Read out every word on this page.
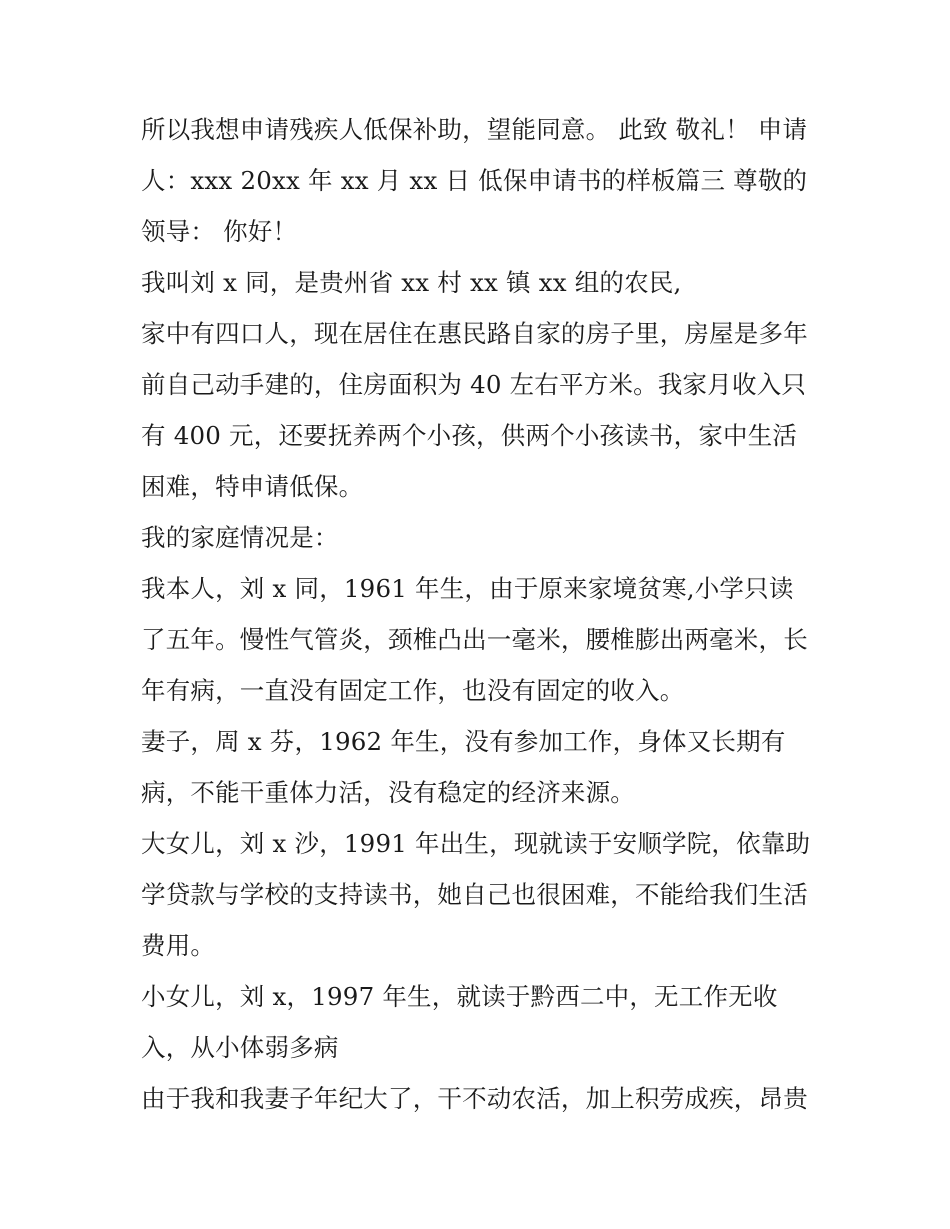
所以我想申请残疾人低保补助，望能同意。 此致 敬礼！ 申请人：xxx 20xx 年 xx 月 xx 日 低保申请书的样板篇三 尊敬的领导： 你好！

我叫刘 x 同，是贵州省 xx 村 xx 镇 xx 组的农民,

家中有四口人，现在居住在惠民路自家的房子里，房屋是多年前自己动手建的，住房面积为 40 左右平方米。我家月收入只有 400 元，还要抚养两个小孩，供两个小孩读书，家中生活困难，特申请低保。

我的家庭情况是：

我本人，刘 x 同，1961 年生，由于原来家境贫寒,小学只读了五年。慢性气管炎，颈椎凸出一毫米，腰椎膨出两毫米，长年有病，一直没有固定工作，也没有固定的收入。

妻子，周 x 芬，1962 年生，没有参加工作，身体又长期有病，不能干重体力活，没有稳定的经济来源。

大女儿，刘 x 沙，1991 年出生，现就读于安顺学院，依靠助学贷款与学校的支持读书，她自己也很困难，不能给我们生活费用。

小女儿，刘 x，1997 年生，就读于黔西二中，无工作无收入，从小体弱多病

由于我和我妻子年纪大了，干不动农活，加上积劳成疾，昂贵
